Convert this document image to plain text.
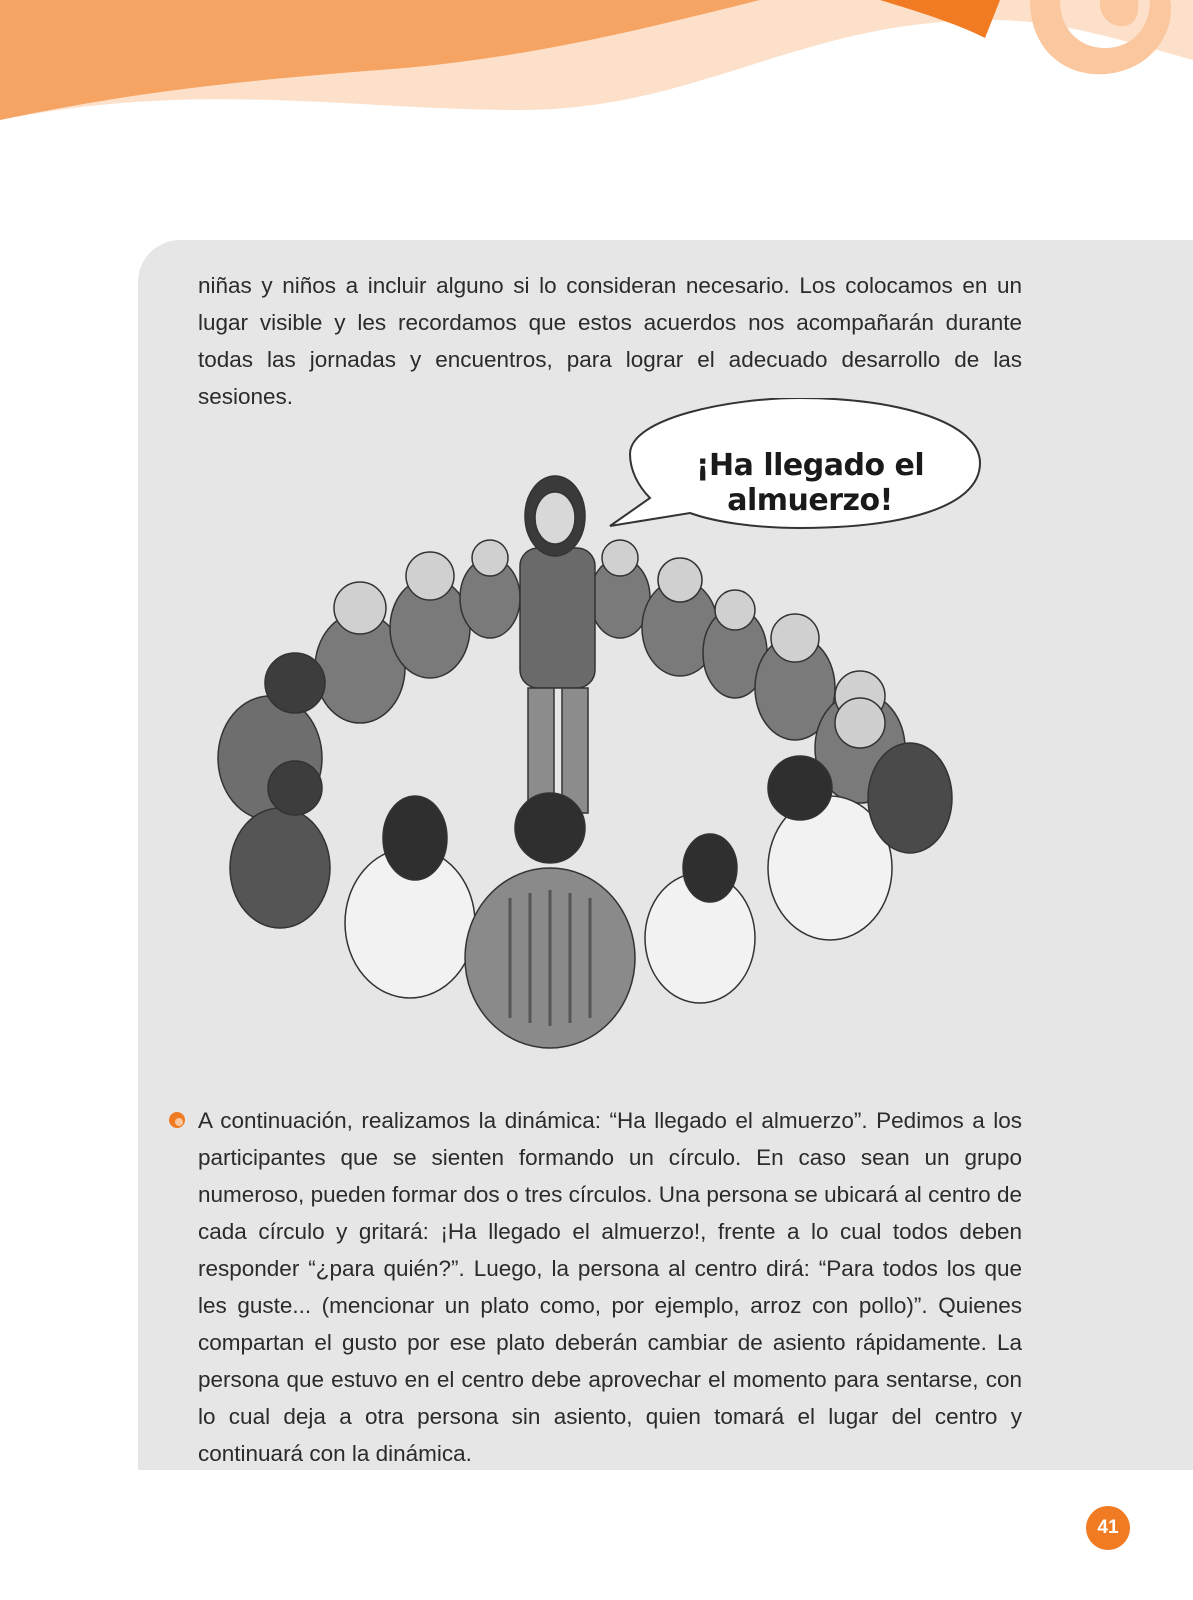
niñas y niños a incluir alguno si lo consideran necesario. Los colocamos en un lugar visible y les recordamos que estos acuerdos nos acompañarán durante todas las jornadas y encuentros, para lograr el adecuado desarrollo de las sesiones.

¡Ha llegado el almuerzo!

A continuación, realizamos la dinámica: “Ha llegado el almuerzo”. Pedimos a los participantes que se sienten formando un círculo. En caso sean un grupo numeroso, pueden formar dos o tres círculos. Una persona se ubicará al centro de cada círculo y gritará: ¡Ha llegado el almuerzo!, frente a lo cual todos deben responder “¿para quién?”. Luego, la persona al centro dirá: “Para todos los que les guste... (mencionar un plato como, por ejemplo, arroz con pollo)”. Quienes compartan el gusto por ese plato deberán cambiar de asiento rápidamente. La persona que estuvo en el centro debe aprovechar el momento para sentarse, con lo cual deja a otra persona sin asiento, quien tomará el lugar del centro y continuará con la dinámica.

41
